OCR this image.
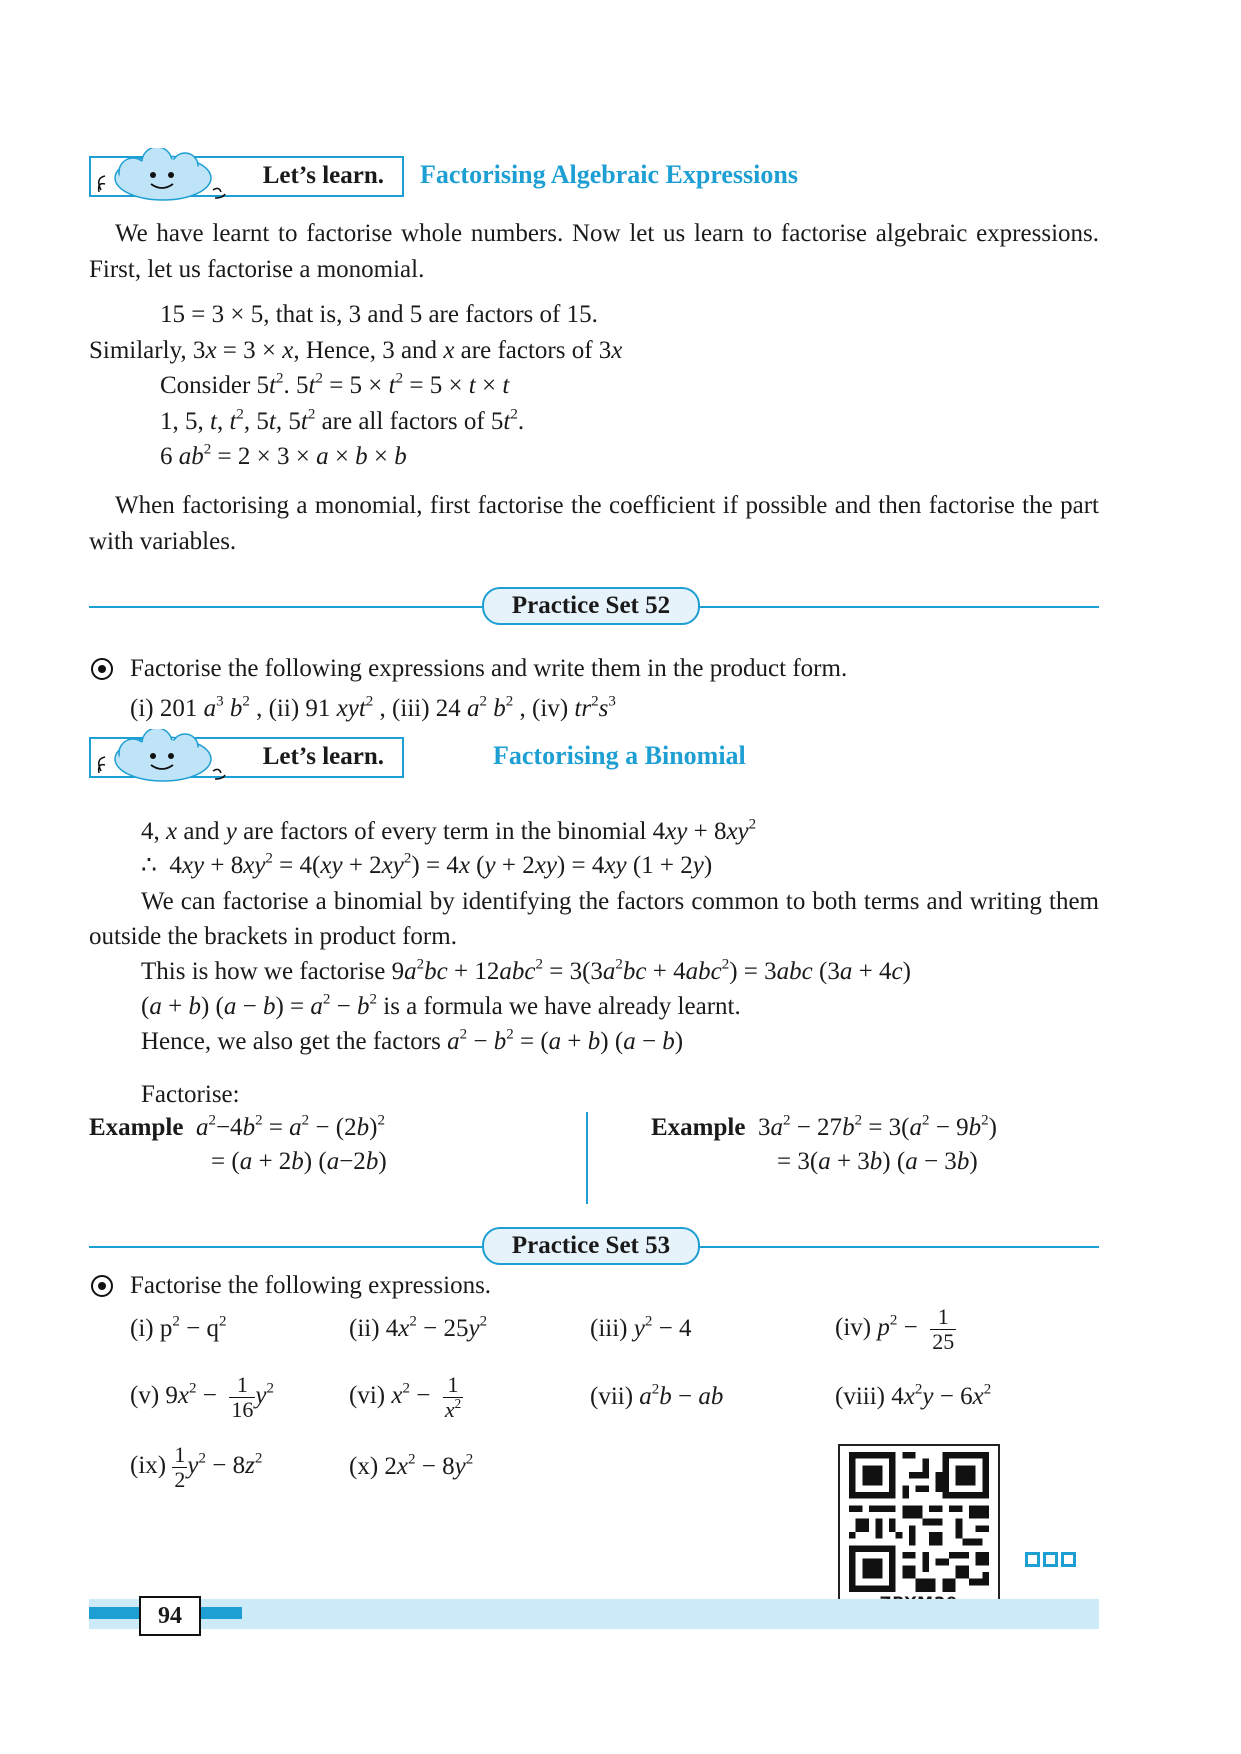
Let’s learn. Factorising Algebraic Expressions
We have learnt to factorise whole numbers. Now let us learn to factorise algebraic expressions. First, let us factorise a monomial.
15 = 3 × 5, that is, 3 and 5 are factors of 15.
Similarly, 3x = 3 × x, Hence, 3 and x are factors of 3x
Consider $5t^2$. $5t^2 = 5 \times t^2 = 5 \times t \times t$
1, 5, t, $t^2$, 5t, $5t^2$ are all factors of $5t^2$.
6 $ab^2 = 2 \times 3 \times a \times b \times b$
When factorising a monomial, first factorise the coefficient if possible and then factorise the part with variables.
Practice Set 52
Factorise the following expressions and write them in the product form.
(i) 201 $a^3$ $b^2$ , (ii) 91 xyt$^2$ , (iii) 24 $a^2$ $b^2$ , (iv) $tr^2s^3$
Let’s learn.	Factorising a Binomial
4, x and y are factors of every term in the binomial $4xy + 8xy^2$
∴  $4xy + 8xy^2 = 4(xy + 2xy^2) = 4x$ (y + 2xy) = 4xy (1 + 2y)
We can factorise a binomial by identifying the factors common to both terms and writing them outside the brackets in product form.
This is how we factorise $9a^2bc + 12abc^2 = 3(3a^2bc + 4abc^2) = 3abc$ (3a + 4c)
(a + b) $(a - b) = a^2 - b^2$ is a formula we have already learnt.
Hence, we also get the factors $a^2 - b^2 = (a + b) (a - b)$
Factorise:
Example $a^2-4b^2 = a^2 - (2b)^2$
= (a + 2b) (a−2b)
Example  $3a^2 - 27b^2 = 3(a^2 - 9b^2)$
= 3(a + 3b) (a − 3b)
Practice Set 53
Factorise the following expressions.
(i) $p^2 - q^2$	(ii) $4x^2 - 25y^2$	(iii) $y^2 - 4$	(iv) $p^2 - \frac{1}{25}$
(v) $9x^2 - \frac{1}{16} y^2$	(vi) $x^2 - \frac{1}{x^2}$	(vii) $a^2b$ − ab	(viii) $4x^2y - 6x^2$
$(ix) \frac{1}{2} y^2 - 8z^2$	(x) $2x^2 - 8y^2$
94
